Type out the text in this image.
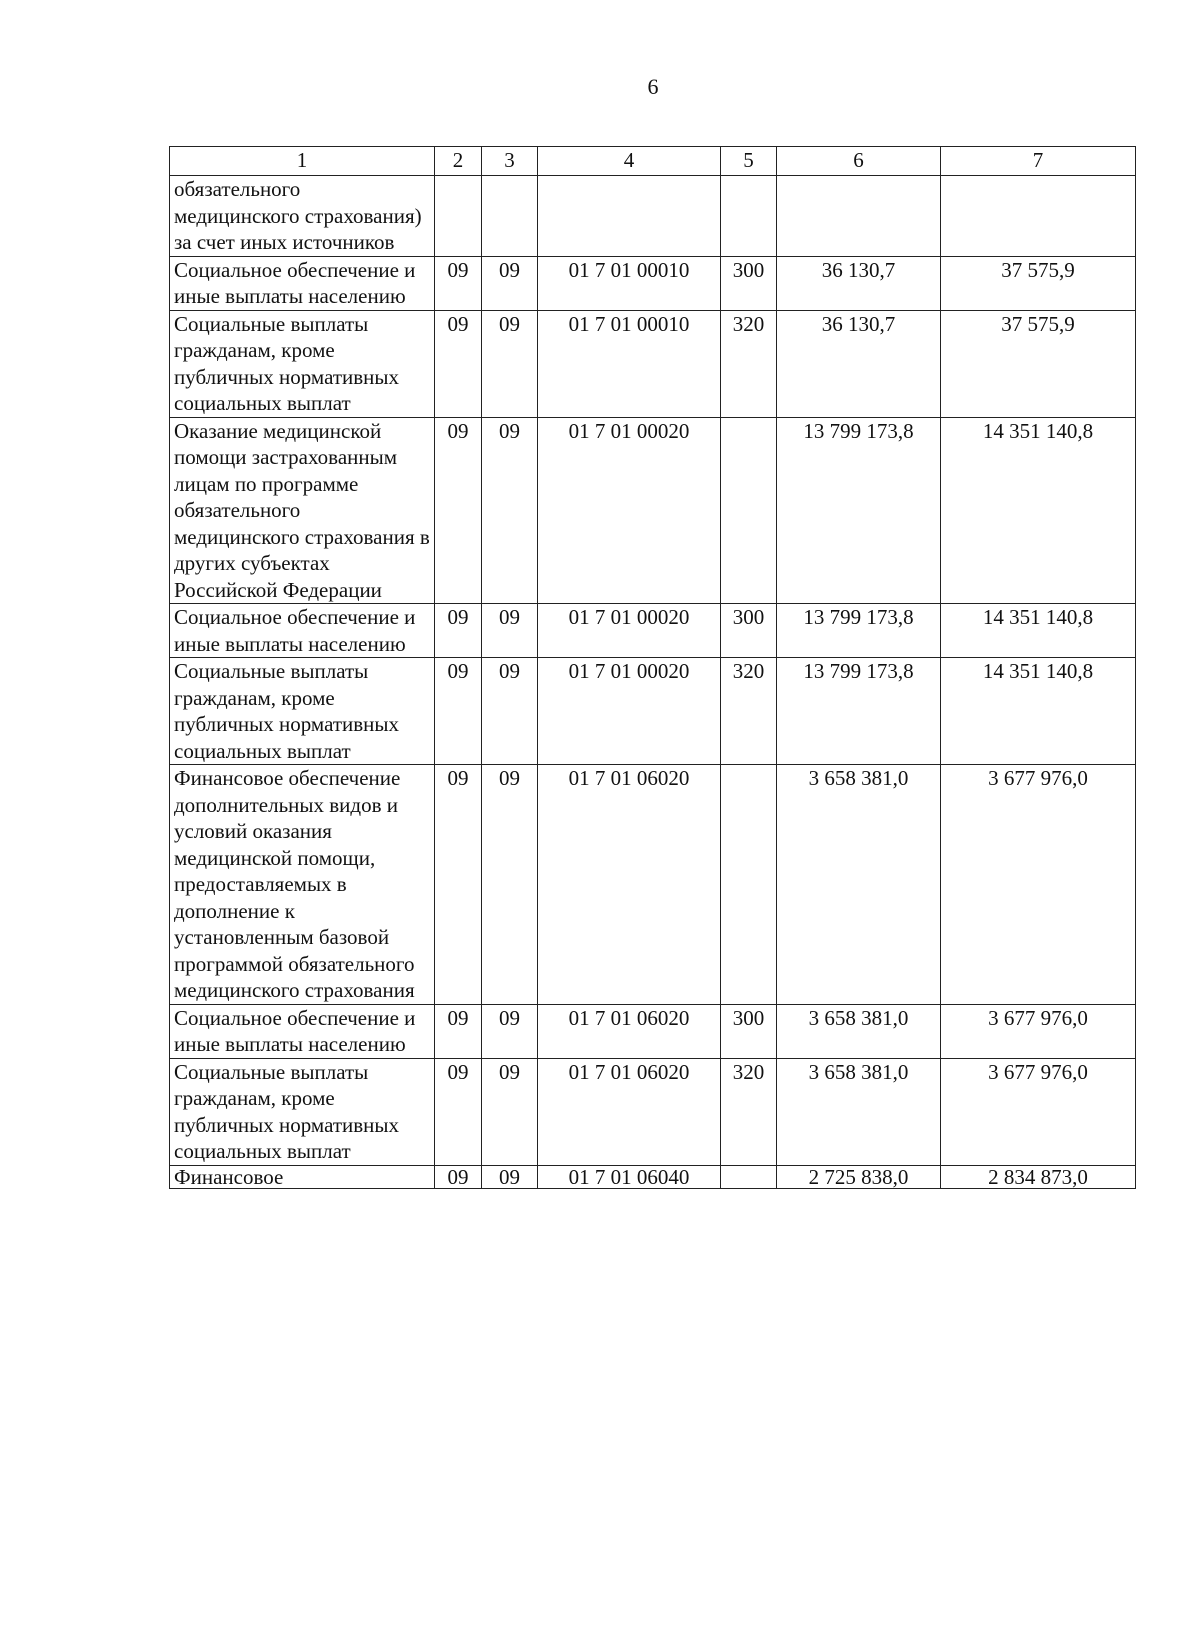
6
1	2	3	4	5	6	7
обязательного медицинского страхования) за счет иных источников						
Социальное обеспечение и иные выплаты населению	09	09	01 7 01 00010	300	36 130,7	37 575,9
Социальные выплаты гражданам, кроме публичных нормативных социальных выплат	09	09	01 7 01 00010	320	36 130,7	37 575,9
Оказание медицинской помощи застрахованным лицам по программе обязательного медицинского страхования в других субъектах Российской Федерации	09	09	01 7 01 00020		13 799 173,8	14 351 140,8
Социальное обеспечение и иные выплаты населению	09	09	01 7 01 00020	300	13 799 173,8	14 351 140,8
Социальные выплаты гражданам, кроме публичных нормативных социальных выплат	09	09	01 7 01 00020	320	13 799 173,8	14 351 140,8
Финансовое обеспечение дополнительных видов и условий оказания медицинской помощи, предоставляемых в дополнение к установленным базовой программой обязательного медицинского страхования	09	09	01 7 01 06020		3 658 381,0	3 677 976,0
Социальное обеспечение и иные выплаты населению	09	09	01 7 01 06020	300	3 658 381,0	3 677 976,0
Социальные выплаты гражданам, кроме публичных нормативных социальных выплат	09	09	01 7 01 06020	320	3 658 381,0	3 677 976,0
Финансовое	09	09	01 7 01 06040		2 725 838,0	2 834 873,0
